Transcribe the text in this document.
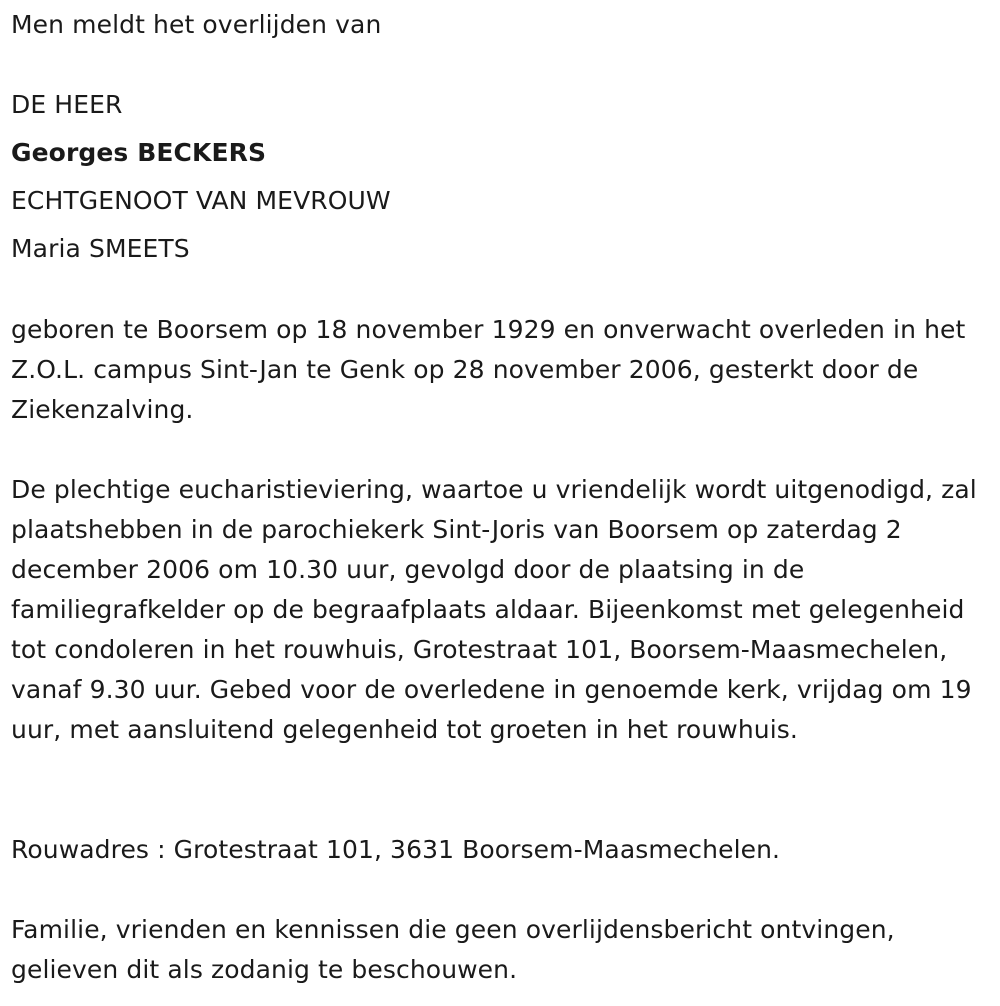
Men meldt het overlijden van

DE HEER

Georges BECKERS

ECHTGENOOT VAN MEVROUW

Maria SMEETS

geboren te Boorsem op 18 november 1929 en onverwacht overleden in het Z.O.L. campus Sint-Jan te Genk op 28 november 2006, gesterkt door de Ziekenzalving.

De plechtige eucharistieviering, waartoe u vriendelijk wordt uitgenodigd, zal plaatshebben in de parochiekerk Sint-Joris van Boorsem op zaterdag 2 december 2006 om 10.30 uur, gevolgd door de plaatsing in de familiegrafkelder op de begraafplaats aldaar. Bijeenkomst met gelegenheid tot condoleren in het rouwhuis, Grotestraat 101, Boorsem-Maasmechelen, vanaf 9.30 uur. Gebed voor de overledene in genoemde kerk, vrijdag om 19 uur, met aansluitend gelegenheid tot groeten in het rouwhuis.

Rouwadres : Grotestraat 101, 3631 Boorsem-Maasmechelen.

Familie, vrienden en kennissen die geen overlijdensbericht ontvingen, gelieven dit als zodanig te beschouwen.
